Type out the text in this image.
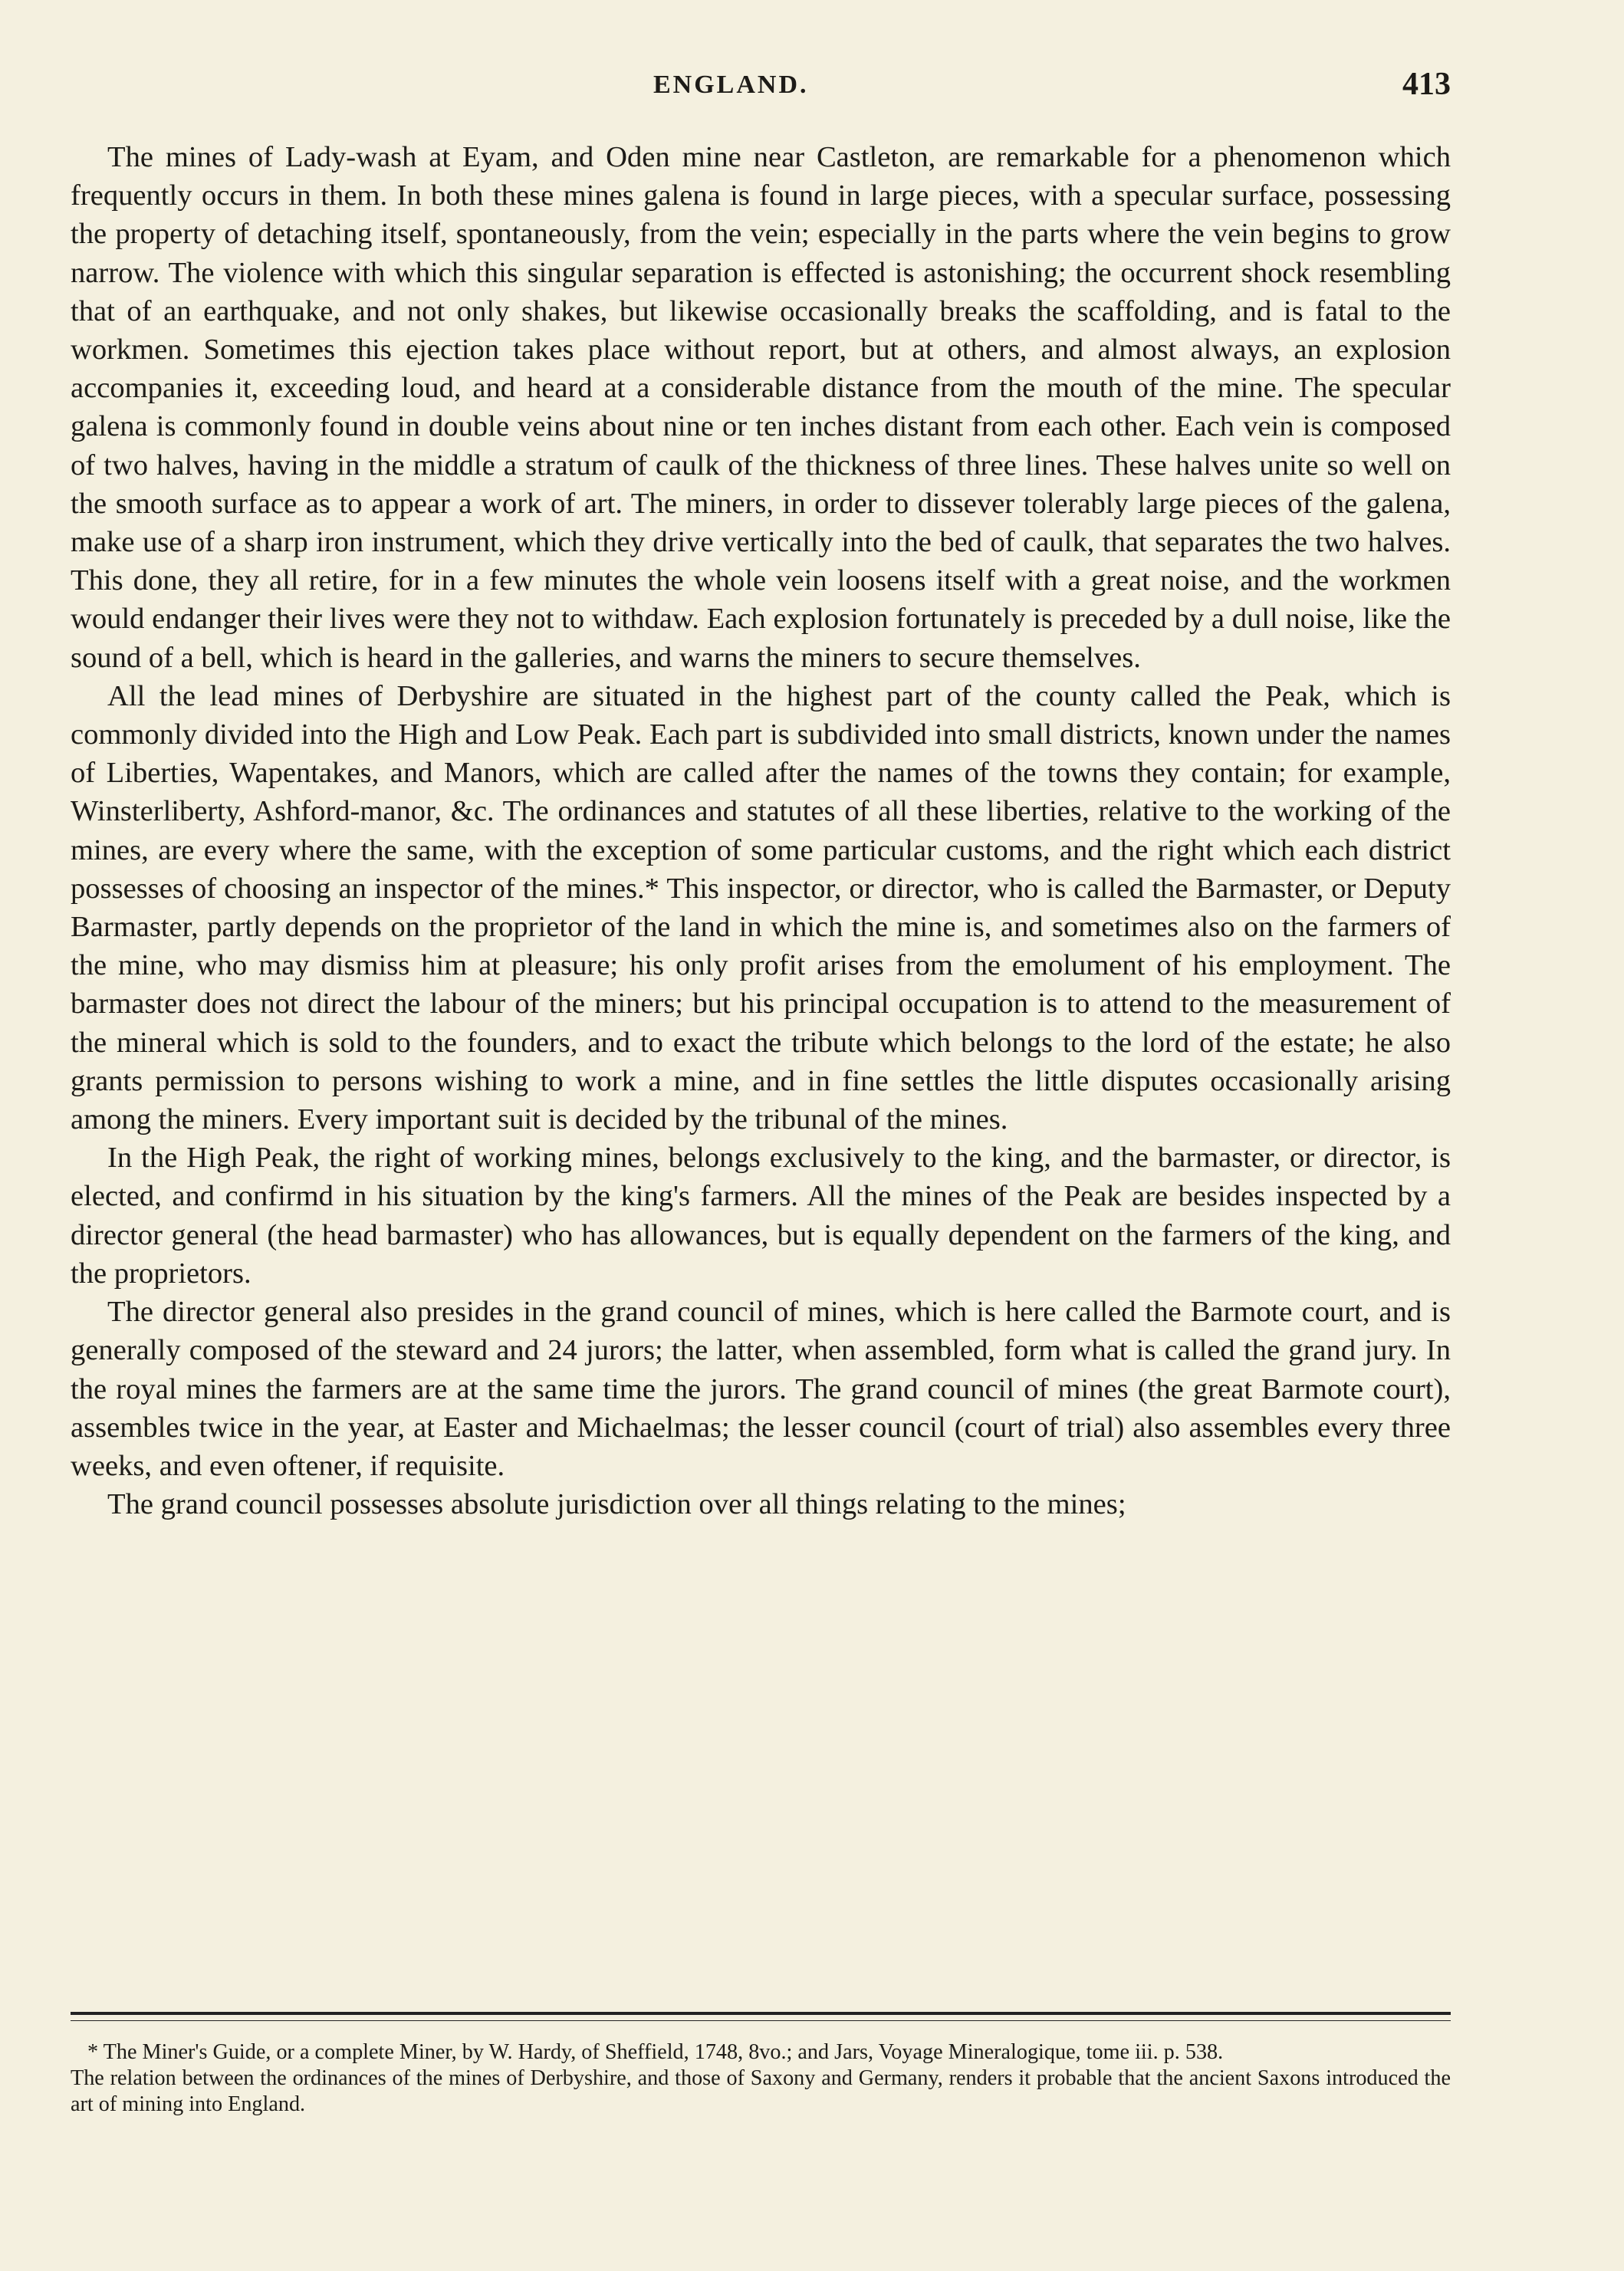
ENGLAND.	413

The mines of Lady-wash at Eyam, and Oden mine near Castleton, are remarkable for a phenomenon which frequently occurs in them. In both these mines galena is found in large pieces, with a specular surface, possessing the property of detaching itself, spontaneously, from the vein; especially in the parts where the vein begins to grow narrow. The violence with which this singular separation is effected is astonishing; the occurrent shock resembling that of an earthquake, and not only shakes, but likewise occasionally breaks the scaffolding, and is fatal to the workmen. Sometimes this ejection takes place without report, but at others, and almost always, an explosion accompanies it, exceeding loud, and heard at a considerable distance from the mouth of the mine. The specular galena is commonly found in double veins about nine or ten inches distant from each other. Each vein is composed of two halves, having in the middle a stratum of caulk of the thickness of three lines. These halves unite so well on the smooth surface as to appear a work of art. The miners, in order to dissever tolerably large pieces of the galena, make use of a sharp iron instrument, which they drive vertically into the bed of caulk, that separates the two halves. This done, they all retire, for in a few minutes the whole vein loosens itself with a great noise, and the workmen would endanger their lives were they not to withdaw. Each explosion fortunately is preceded by a dull noise, like the sound of a bell, which is heard in the galleries, and warns the miners to secure themselves.

All the lead mines of Derbyshire are situated in the highest part of the county called the Peak, which is commonly divided into the High and Low Peak. Each part is subdivided into small districts, known under the names of Liberties, Wapentakes, and Manors, which are called after the names of the towns they contain; for example, Winsterliberty, Ashford-manor, &c. The ordinances and statutes of all these liberties, relative to the working of the mines, are every where the same, with the exception of some particular customs, and the right which each district possesses of choosing an inspector of the mines.* This inspector, or director, who is called the Barmaster, or Deputy Barmaster, partly depends on the proprietor of the land in which the mine is, and sometimes also on the farmers of the mine, who may dismiss him at pleasure; his only profit arises from the emolument of his employment. The barmaster does not direct the labour of the miners; but his principal occupation is to attend to the measurement of the mineral which is sold to the founders, and to exact the tribute which belongs to the lord of the estate; he also grants permission to persons wishing to work a mine, and in fine settles the little disputes occasionally arising among the miners. Every important suit is decided by the tribunal of the mines.

In the High Peak, the right of working mines, belongs exclusively to the king, and the barmaster, or director, is elected, and confirmd in his situation by the king's farmers. All the mines of the Peak are besides inspected by a director general (the head barmaster) who has allowances, but is equally dependent on the farmers of the king, and the proprietors.

The director general also presides in the grand council of mines, which is here called the Barmote court, and is generally composed of the steward and 24 jurors; the latter, when assembled, form what is called the grand jury. In the royal mines the farmers are at the same time the jurors. The grand council of mines (the great Barmote court), assembles twice in the year, at Easter and Michaelmas; the lesser council (court of trial) also assembles every three weeks, and even oftener, if requisite.

The grand council possesses absolute jurisdiction over all things relating to the mines;

* The Miner's Guide, or a complete Miner, by W. Hardy, of Sheffield, 1748, 8vo.; and Jars, Voyage Mineralogique, tome iii. p. 538.

The relation between the ordinances of the mines of Derbyshire, and those of Saxony and Germany, renders it probable that the ancient Saxons introduced the art of mining into England.
